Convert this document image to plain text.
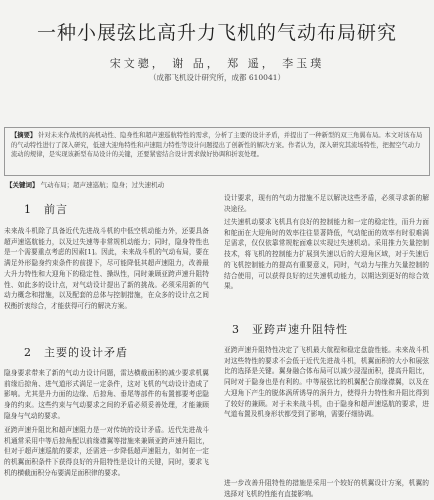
一种小展弦比高升力飞机的气动布局研究
宋文骢， 谢 品， 郑 遥， 李玉璞
（成都飞机设计研究所，成都 610041）
【摘要】 针对未来作战机的高机动性、隐身性和超声速巡航特性的需求，分析了主要的设计矛盾，并提出了一种新型的双三角翼布局。本文对该布局的气动特性进行了深入研究，低速大迎角特性和声速阻力特性等设计问题提出了创新性的解决方案。作者认为，深入研究其流场特性，把握空气动力流动的规律，是实现该新型布局设计的关键，还要紧密结合设计需求做好协调和折衷处理。
【关键词】 气动布局；超声速巡航；隐身；过失速机动
1　前言
未来战斗机除了具备近代先进战斗机的中低空机动能力外，还要具备超声速巡航能力，以及过失速等非常规机动能力；同时，隐身特性也是一个需要重点考虑的因素[1]。因此，未来战斗机的气动布局，要在满足外形隐身约束条件的前提下，尽可能降低其超声速阻力，改善最大升力特性和大迎角下的稳定性、操纵性，同时兼顾亚跨声速升阻特性、如此多的设计点，对气动设计提出了新的挑战。必须采用新的气动力概念和措施，以及配套的总体与控制措施，在众多的设计点之间权衡折衷综合，才能获得可行的解决方案。
2　主要的设计矛盾
隐身要求带来了新的气动力设计问题，雷达横截面积的减少要求机翼前缘后掠角、进气道形式满足一定条件，这对飞机的气动设计造成了影响。尤其是升力面的边缘、后掠角、垂尾等部件的布置都要考虑隐身的约束。这些约束与气动要求之间的矛盾必须妥善处理，才能兼顾隐身与气动的要求。
亚跨声速升阻比和超声速阻力是一对传统的设计矛盾。近代先进战斗机通常采用中等后掠角配以前缘襟翼等措施来兼顾亚跨声速升阻比，但对于超声速巡航的要求，还需进一步降低超声速阻力，如何在一定的机翼面积条件下获得良好的升阻特性是设计的关键，同时，要求飞机的横截面积分布要满足面积律的要求。
设计要求，现有的气动力措施不足以解决这些矛盾，必须寻求新的解决途径。
过失速机动要求飞机具有良好的控制能力和一定的稳定性，而升力面和舵面在大迎角时的效率往往显著降低，气动舵面的效率有时很难满足需求，仅仅依靠常规舵面难以实现过失速机动。采用推力矢量控制技术，将飞机的控制能力扩展到失速以后的大迎角区域，对于失速后的飞机控制能力的提高有重要意义，同时，气动力与推力矢量控制的结合使用，可以获得良好的过失速机动能力，以期达到更好的综合效果。
3　亚跨声速升阻特性
亚跨声速升阻特性决定了飞机最大航程和稳定盘旋性能。未来战斗机对这些特性的要求不会低于近代先进战斗机，机翼面积的大小和展弦比的选择是关键。翼身融合体布局可以减少浸湿面积，提高升阻比，同时对于隐身也是有利的。中等展弦比的机翼配合前缘襟翼，以及在大迎角下产生的脱体涡所诱导的涡升力，使得升力特性和升阻比得到了较好的兼顾。对于未来战斗机，由于隐身和超声速巡航的要求，进气道布置及机身形状都受到了影响，需要仔细协调。
进一步改善升阻特性的措施是采用一个较好的机翼设计方案，机翼的选择对飞机的性能有直接影响。
